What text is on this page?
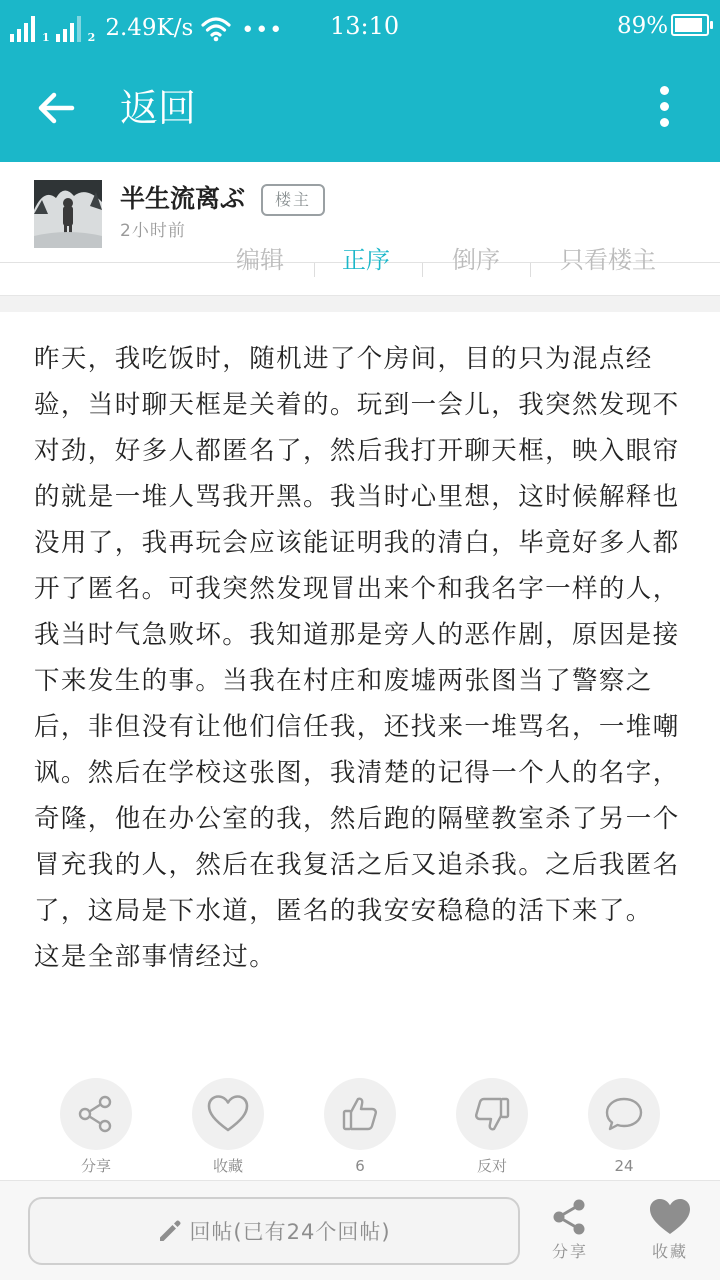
1	2 2.49K/s ••• 13:10	89%
返回
半生流离ぶ	楼主
2小时前
编辑 正序	倒序	只看楼主
昨天，我吃饭时，随机进了个房间，目的只为混点经验，当时聊天框是关着的。玩到一会儿，我突然发现不对劲，好多人都匿名了，然后我打开聊天框，映入眼帘的就是一堆人骂我开黑。我当时心里想，这时候解释也没用了，我再玩会应该能证明我的清白，毕竟好多人都开了匿名。可我突然发现冒出来个和我名字一样的人，我当时气急败坏。我知道那是旁人的恶作剧，原因是接下来发生的事。当我在村庄和废墟两张图当了警察之后，非但没有让他们信任我，还找来一堆骂名，一堆嘲讽。然后在学校这张图，我清楚的记得一个人的名字，奇隆，他在办公室的我，然后跑的隔壁教室杀了另一个冒充我的人，然后在我复活之后又追杀我。之后我匿名了，这局是下水道，匿名的我安安稳稳的活下来了。
这是全部事情经过。
分享	收藏	6	反对	24
回帖(已有24个回帖)
分享	收藏
